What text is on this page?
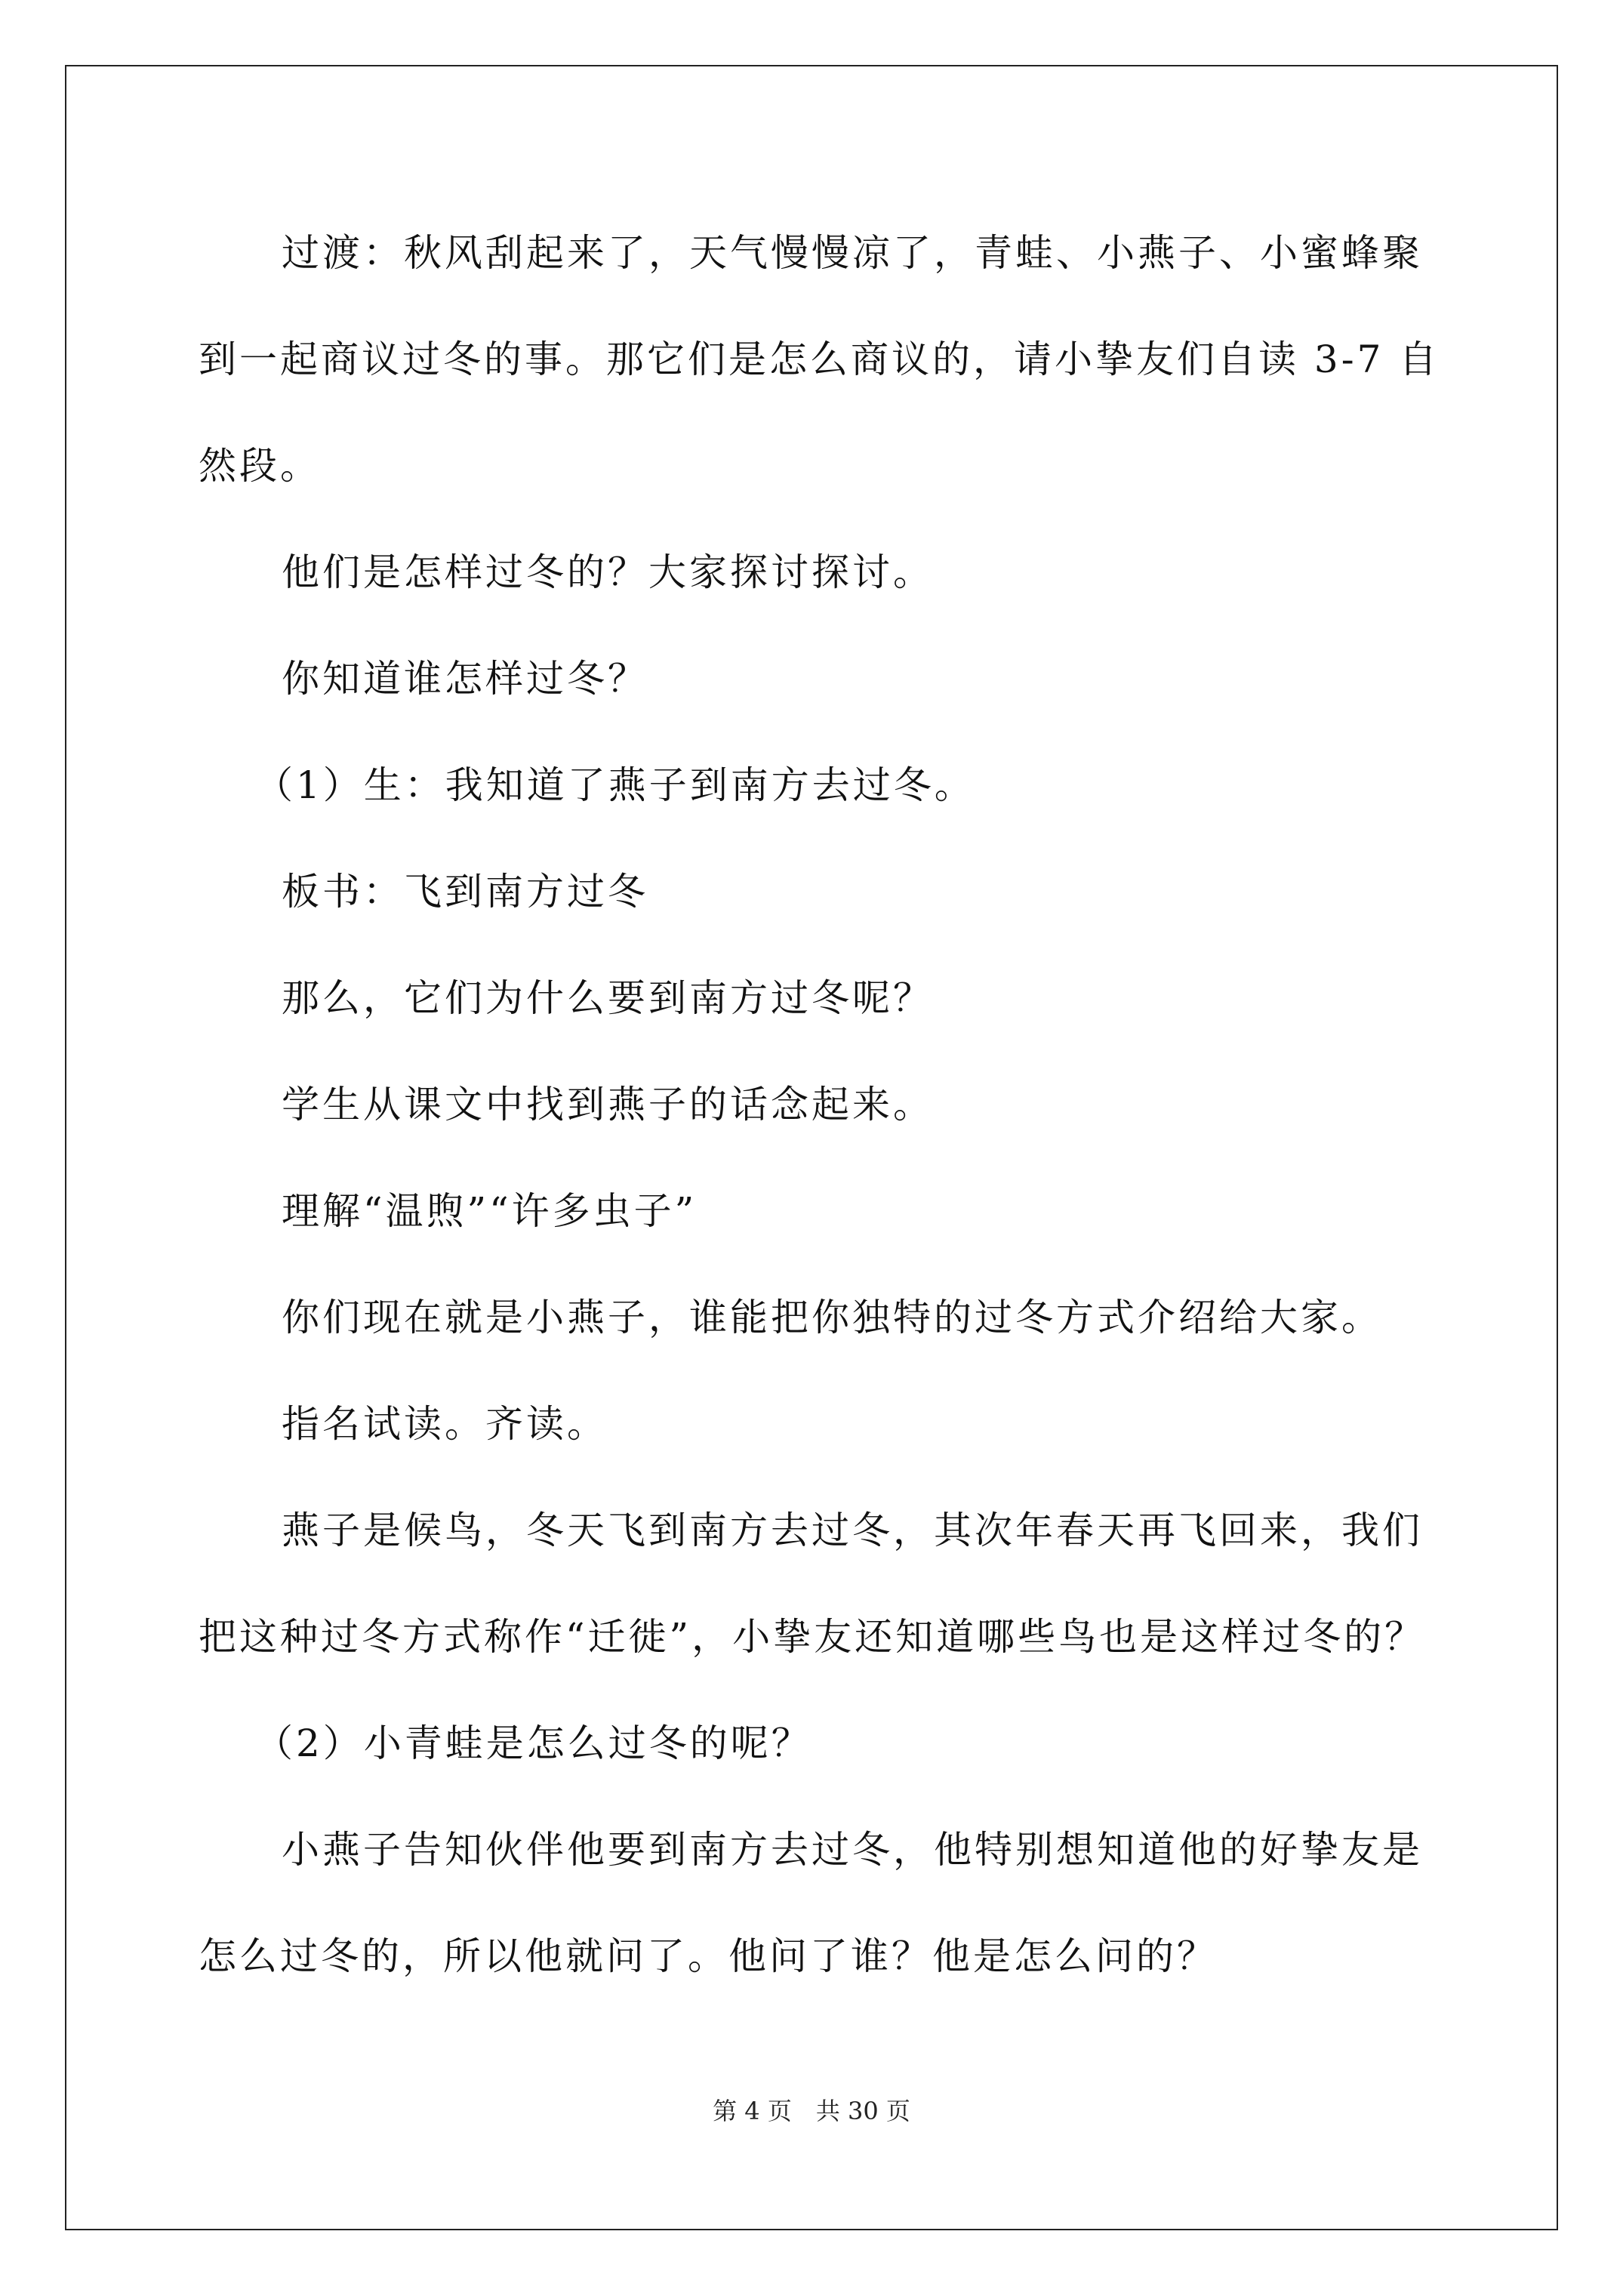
过渡：秋风刮起来了，天气慢慢凉了，青蛙、小燕子、小蜜蜂聚
到一起商议过冬的事。那它们是怎么商议的，请小挚友们自读 3-7 自
然段。
他们是怎样过冬的？大家探讨探讨。
你知道谁怎样过冬？
（1）生：我知道了燕子到南方去过冬。
板书：飞到南方过冬
那么，它们为什么要到南方过冬呢？
学生从课文中找到燕子的话念起来。
理解“温煦”“许多虫子”
你们现在就是小燕子，谁能把你独特的过冬方式介绍给大家。
指名试读。齐读。
燕子是候鸟，冬天飞到南方去过冬，其次年春天再飞回来，我们
把这种过冬方式称作“迁徙”，小挚友还知道哪些鸟也是这样过冬的？
（2）小青蛙是怎么过冬的呢？
小燕子告知伙伴他要到南方去过冬，他特别想知道他的好挚友是
怎么过冬的，所以他就问了。他问了谁？他是怎么问的？
第 4 页　共 30 页
